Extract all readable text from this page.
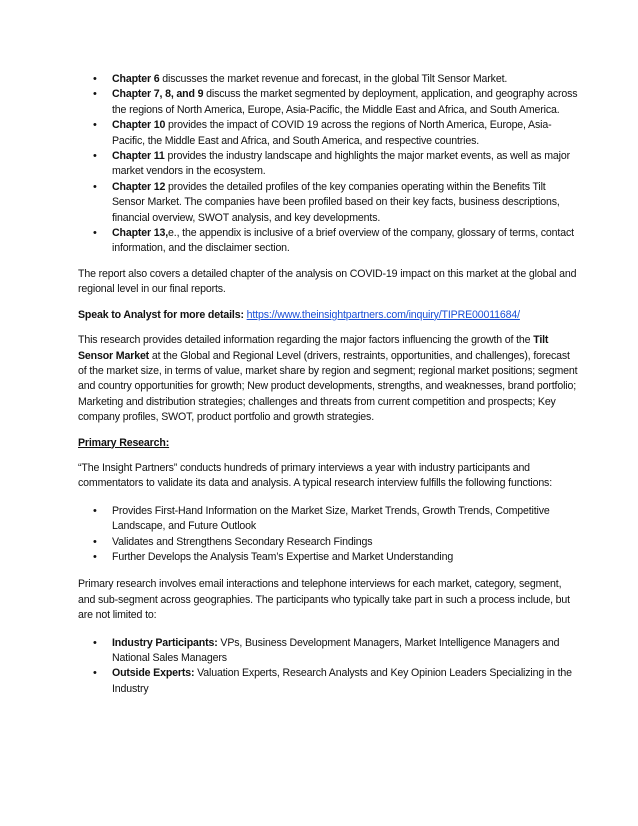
• Chapter 6 discusses the market revenue and forecast, in the global Tilt Sensor Market.
• Chapter 7, 8, and 9 discuss the market segmented by deployment, application, and geography across the regions of North America, Europe, Asia-Pacific, the Middle East and Africa, and South America.
• Chapter 10 provides the impact of COVID 19 across the regions of North America, Europe, Asia-Pacific, the Middle East and Africa, and South America, and respective countries.
• Chapter 11 provides the industry landscape and highlights the major market events, as well as major market vendors in the ecosystem.
• Chapter 12 provides the detailed profiles of the key companies operating within the Benefits Tilt Sensor Market. The companies have been profiled based on their key facts, business descriptions, financial overview, SWOT analysis, and key developments.
• Chapter 13,e., the appendix is inclusive of a brief overview of the company, glossary of terms, contact information, and the disclaimer section.

The report also covers a detailed chapter of the analysis on COVID-19 impact on this market at the global and regional level in our final reports.

Speak to Analyst for more details: https://www.theinsightpartners.com/inquiry/TIPRE00011684/

This research provides detailed information regarding the major factors influencing the growth of the Tilt Sensor Market at the Global and Regional Level (drivers, restraints, opportunities, and challenges), forecast of the market size, in terms of value, market share by region and segment; regional market positions; segment and country opportunities for growth; New product developments, strengths, and weaknesses, brand portfolio; Marketing and distribution strategies; challenges and threats from current competition and prospects; Key company profiles, SWOT, product portfolio and growth strategies.

Primary Research:

“The Insight Partners” conducts hundreds of primary interviews a year with industry participants and commentators to validate its data and analysis. A typical research interview fulfills the following functions:

• Provides First-Hand Information on the Market Size, Market Trends, Growth Trends, Competitive Landscape, and Future Outlook
• Validates and Strengthens Secondary Research Findings
• Further Develops the Analysis Team’s Expertise and Market Understanding

Primary research involves email interactions and telephone interviews for each market, category, segment, and sub-segment across geographies. The participants who typically take part in such a process include, but are not limited to:

• Industry Participants: VPs, Business Development Managers, Market Intelligence Managers and National Sales Managers
• Outside Experts: Valuation Experts, Research Analysts and Key Opinion Leaders Specializing in the Industry
